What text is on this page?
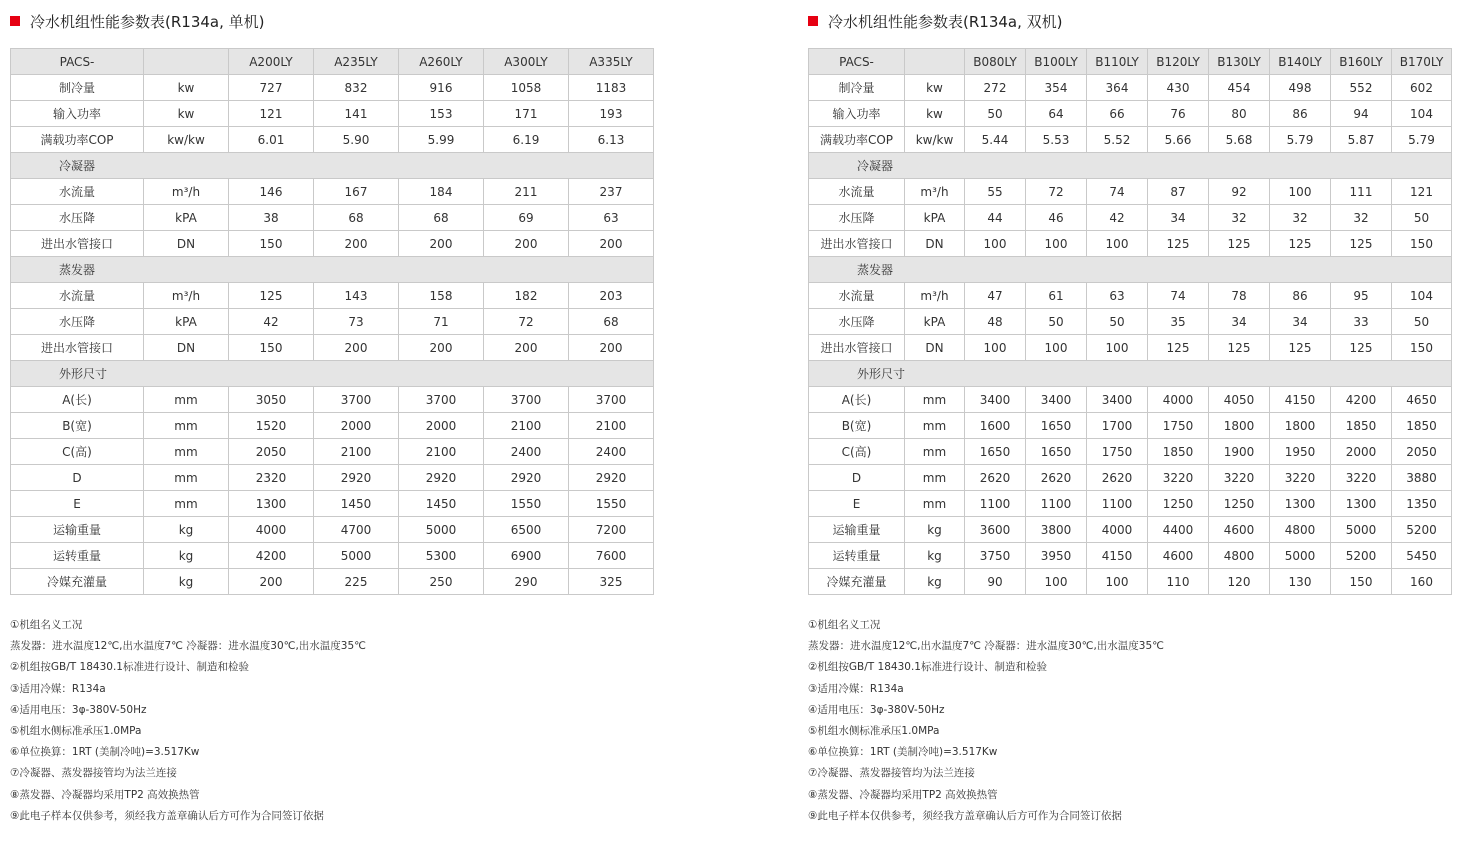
冷水机组性能参数表(R134a, 单机)
PACS-		A200LY	A235LY	A260LY	A300LY	A335LY
制冷量	kw	727	832	916	1058	1183
输入功率	kw	121	141	153	171	193
满载功率COP	kw/kw	6.01	5.90	5.99	6.19	6.13
冷凝器						
水流量	m³/h	146	167	184	211	237
水压降	kPA	38	68	68	69	63
进出水管接口	DN	150	200	200	200	200
蒸发器						
水流量	m³/h	125	143	158	182	203
水压降	kPA	42	73	71	72	68
进出水管接口	DN	150	200	200	200	200
外形尺寸						
A(长)	mm	3050	3700	3700	3700	3700
B(宽)	mm	1520	2000	2000	2100	2100
C(高)	mm	2050	2100	2100	2400	2400
D	mm	2320	2920	2920	2920	2920
E	mm	1300	1450	1450	1550	1550
运输重量	kg	4000	4700	5000	6500	7200
运转重量	kg	4200	5000	5300	6900	7600
冷媒充灌量	kg	200	225	250	290	325
①机组名义工况
蒸发器：进水温度12℃,出水温度7℃ 冷凝器：进水温度30℃,出水温度35℃
②机组按GB/T 18430.1标准进行设计、制造和检验
③适用冷媒：R134a
④适用电压：3φ-380V-50Hz
⑤机组水侧标准承压1.0MPa
⑥单位换算：1RT (美制冷吨)=3.517Kw
⑦冷凝器、蒸发器接管均为法兰连接
⑧蒸发器、冷凝器均采用TP2 高效换热管
⑨此电子样本仅供参考，须经我方盖章确认后方可作为合同签订依据
冷水机组性能参数表(R134a, 双机)
PACS-		B080LY	B100LY	B110LY	B120LY	B130LY	B140LY	B160LY	B170LY
制冷量	kw	272	354	364	430	454	498	552	602
输入功率	kw	50	64	66	76	80	86	94	104
满载功率COP	kw/kw	5.44	5.53	5.52	5.66	5.68	5.79	5.87	5.79
冷凝器									
水流量	m³/h	55	72	74	87	92	100	111	121
水压降	kPA	44	46	42	34	32	32	32	50
进出水管接口	DN	100	100	100	125	125	125	125	150
蒸发器									
水流量	m³/h	47	61	63	74	78	86	95	104
水压降	kPA	48	50	50	35	34	34	33	50
进出水管接口	DN	100	100	100	125	125	125	125	150
外形尺寸									
A(长)	mm	3400	3400	3400	4000	4050	4150	4200	4650
B(宽)	mm	1600	1650	1700	1750	1800	1800	1850	1850
C(高)	mm	1650	1650	1750	1850	1900	1950	2000	2050
D	mm	2620	2620	2620	3220	3220	3220	3220	3880
E	mm	1100	1100	1100	1250	1250	1300	1300	1350
运输重量	kg	3600	3800	4000	4400	4600	4800	5000	5200
运转重量	kg	3750	3950	4150	4600	4800	5000	5200	5450
冷媒充灌量	kg	90	100	100	110	120	130	150	160
①机组名义工况
蒸发器：进水温度12℃,出水温度7℃ 冷凝器：进水温度30℃,出水温度35℃
②机组按GB/T 18430.1标准进行设计、制造和检验
③适用冷媒：R134a
④适用电压：3φ-380V-50Hz
⑤机组水侧标准承压1.0MPa
⑥单位换算：1RT (美制冷吨)=3.517Kw
⑦冷凝器、蒸发器接管均为法兰连接
⑧蒸发器、冷凝器均采用TP2 高效换热管
⑨此电子样本仅供参考，须经我方盖章确认后方可作为合同签订依据
